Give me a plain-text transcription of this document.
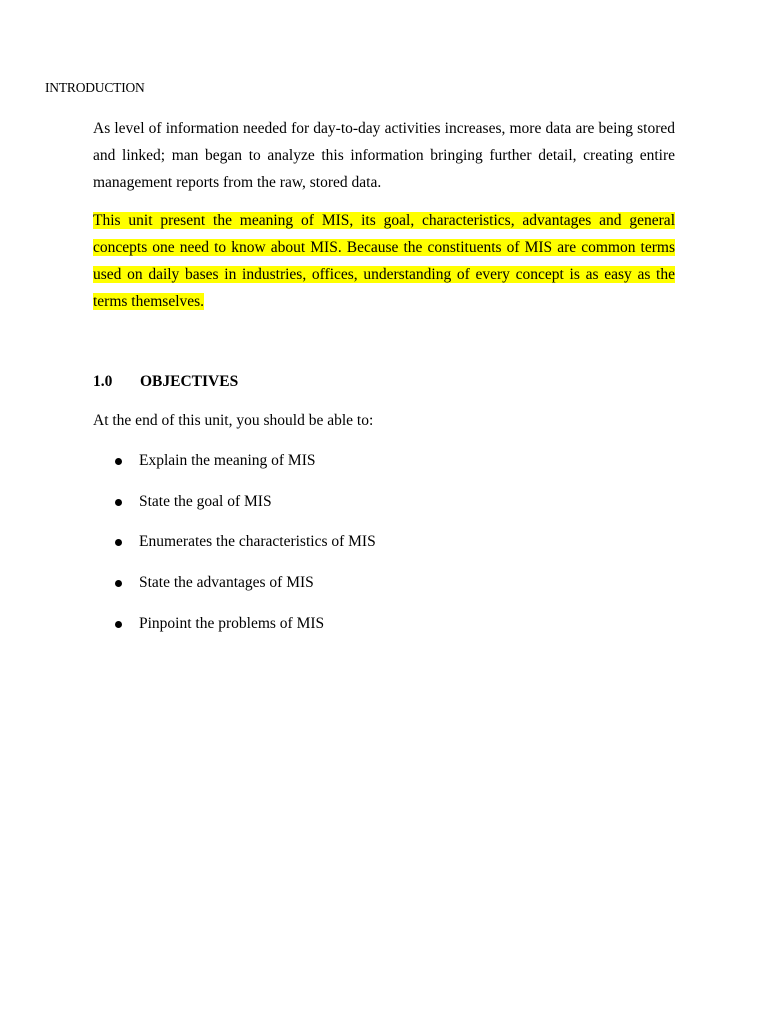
INTRODUCTION

As level of information needed for day-to-day activities increases, more data are being stored and linked; man began to analyze this information bringing further detail, creating entire management reports from the raw, stored data.

This unit present the meaning of MIS, its goal, characteristics, advantages and general concepts one need to know about MIS. Because the constituents of MIS are common terms used on daily bases in industries, offices, understanding of every concept is as easy as the terms themselves.

1.0 OBJECTIVES

At the end of this unit, you should be able to:

Explain the meaning of MIS
State the goal of MIS
Enumerates the characteristics of MIS
State the advantages of MIS
Pinpoint the problems of MIS
